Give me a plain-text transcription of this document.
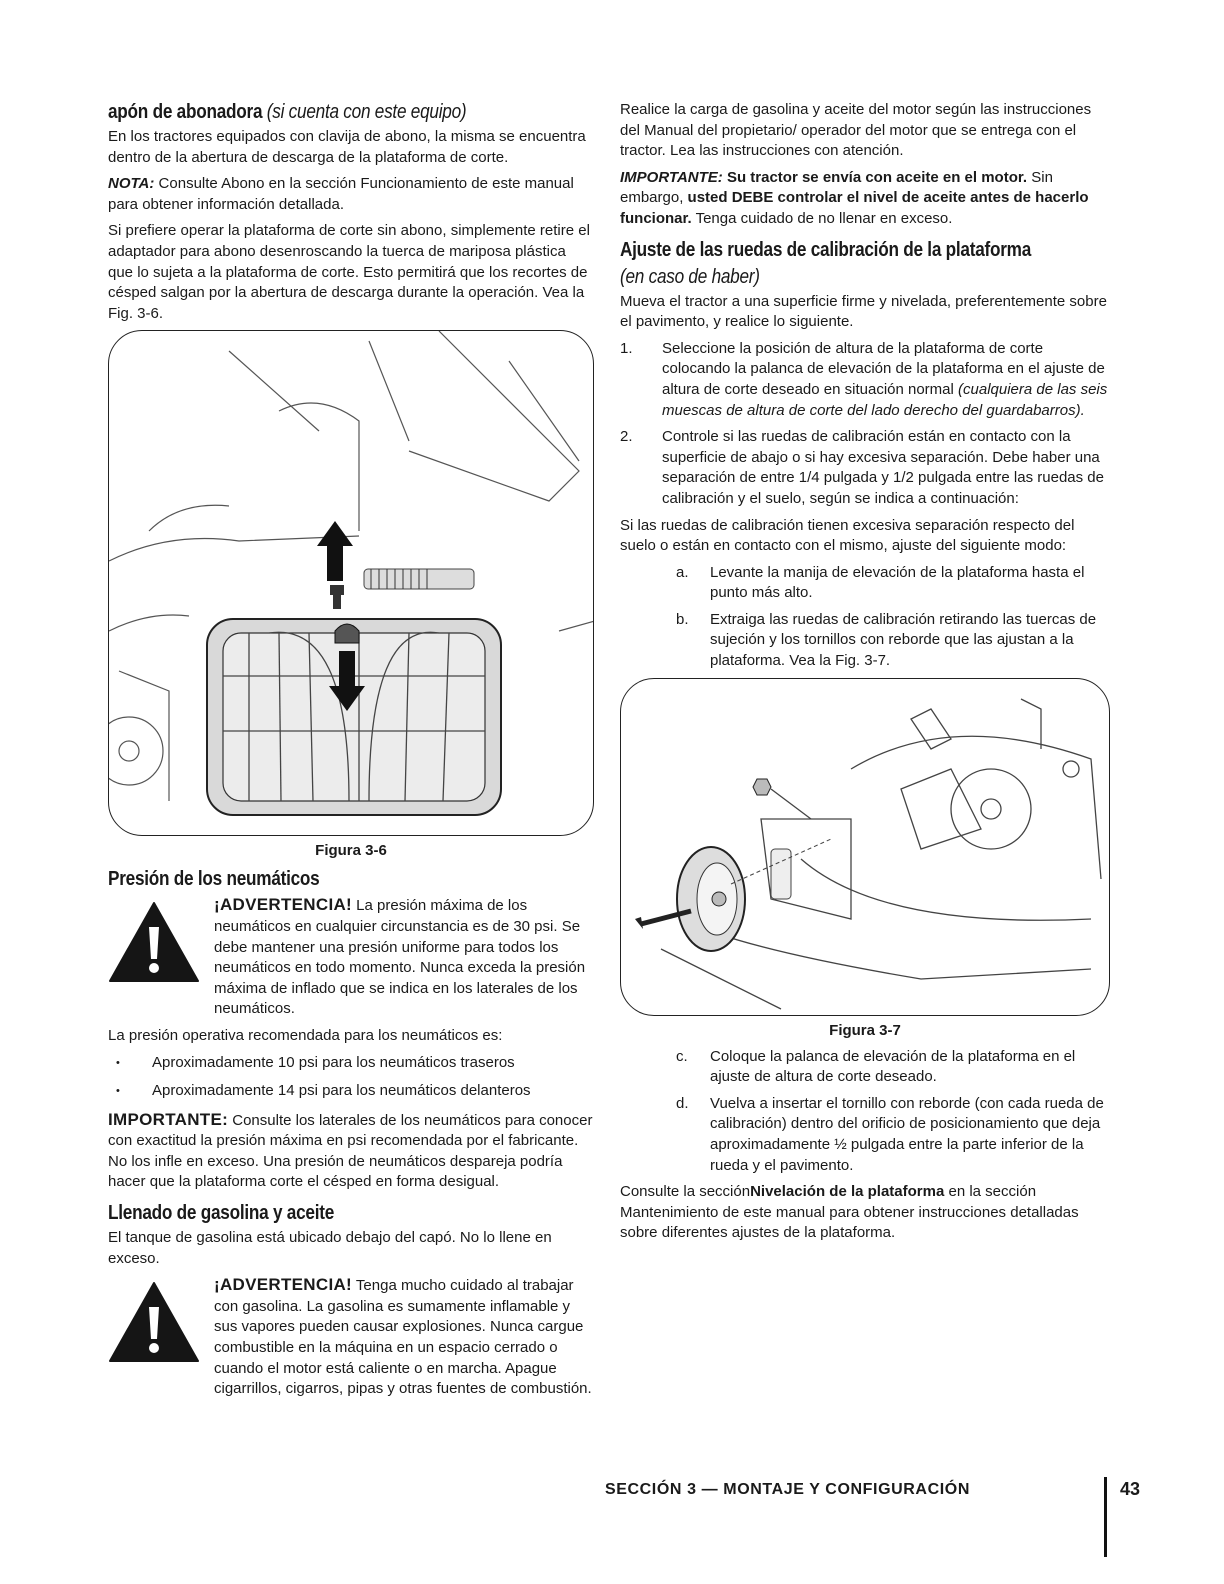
apón de abonadora (si cuenta con este equipo)

En los tractores equipados con clavija de abono, la misma se encuentra dentro de la abertura de descarga de la plataforma de corte.

NOTA: Consulte Abono en la sección Funcionamiento de este manual para obtener información detallada.

Si prefiere operar la plataforma de corte sin abono, simplemente retire el adaptador para abono desenroscando la tuerca de mariposa plástica que lo sujeta a la plataforma de corte. Esto permitirá que los recortes de césped salgan por la abertura de descarga durante la operación. Vea la Fig. 3-6.

Figura 3-6
Presión de los neumáticos

¡ADVERTENCIA! La presión máxima de los neumáticos en cualquier circunstancia es de 30 psi. Se debe mantener una presión uniforme para todos los neumáticos en todo momento. Nunca exceda la presión máxima de inflado que se indica en los laterales de los neumáticos.

La presión operativa recomendada para los neumáticos es:

• Aproximadamente 10 psi para los neumáticos traseros
• Aproximadamente 14 psi para los neumáticos delanteros

IMPORTANTE: Consulte los laterales de los neumáticos para conocer con exactitud la presión máxima en psi recomendada por el fabricante. No los infle en exceso. Una presión de neumáticos despareja podría hacer que la plataforma corte el césped en forma desigual.

Llenado de gasolina y aceite

El tanque de gasolina está ubicado debajo del capó. No lo llene en exceso.

¡ADVERTENCIA! Tenga mucho cuidado al trabajar con gasolina. La gasolina es sumamente inflamable y sus vapores pueden causar explosiones. Nunca cargue combustible en la máquina en un espacio cerrado o cuando el motor está caliente o en marcha. Apague cigarrillos, cigarros, pipas y otras fuentes de combustión.

Realice la carga de gasolina y aceite del motor según las instrucciones del Manual del propietario/ operador del motor que se entrega con el tractor. Lea las instrucciones con atención.

IMPORTANTE: Su tractor se envía con aceite en el motor. Sin embargo, usted DEBE controlar el nivel de aceite antes de hacerlo funcionar. Tenga cuidado de no llenar en exceso.

Ajuste de las ruedas de calibración de la plataforma
(en caso de haber)

Mueva el tractor a una superficie firme y nivelada, preferentemente sobre el pavimento, y realice lo siguiente.

1.	Seleccione la posición de altura de la plataforma de corte colocando la palanca de elevación de la plataforma en el ajuste de altura de corte deseado en situación normal (cualquiera de las seis muescas de altura de corte del lado derecho del guardabarros).
2.	Controle si las ruedas de calibración están en contacto con la superficie de abajo o si hay excesiva separación. Debe haber una separación de entre 1/4 pulgada y 1/2 pulgada entre las ruedas de calibración y el suelo, según se indica a continuación:

Si las ruedas de calibración tienen excesiva separación respecto del suelo o están en contacto con el mismo, ajuste del siguiente modo:

a.	Levante la manija de elevación de la plataforma hasta el punto más alto.
b.	Extraiga las ruedas de calibración retirando las tuercas de sujeción y los tornillos con reborde que las ajustan a la plataforma. Vea la Fig. 3-7.
Figura 3-7
c.	Coloque la palanca de elevación de la plataforma en el ajuste de altura de corte deseado.
d.	Vuelva a insertar el tornillo con reborde (con cada rueda de calibración) dentro del orificio de posicionamiento que deja aproximadamente ½ pulgada entre la parte inferior de la rueda y el pavimento.

Consulte la secciónNivelación de la plataforma en la sección Mantenimiento de este manual para obtener instrucciones detalladas sobre diferentes ajustes de la plataforma.

SECCIÓN 3 — MONTAJE Y CONFIGURACIÓN	43
